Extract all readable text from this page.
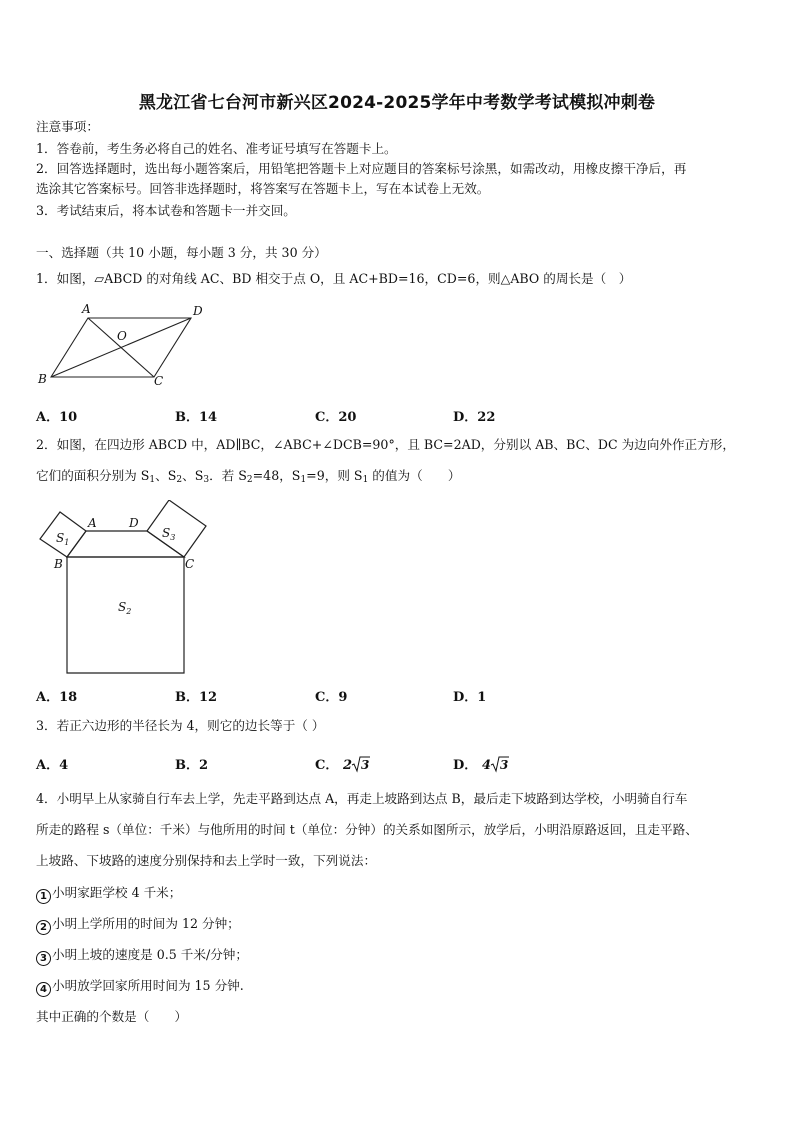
黑龙江省七台河市新兴区2024-2025学年中考数学考试模拟冲刺卷
注意事项：
1．答卷前，考生务必将自己的姓名、准考证号填写在答题卡上。
2．回答选择题时，选出每小题答案后，用铅笔把答题卡上对应题目的答案标号涂黑，如需改动，用橡皮擦干净后，再
选涂其它答案标号。回答非选择题时，将答案写在答题卡上，写在本试卷上无效。
3．考试结束后，将本试卷和答题卡一并交回。
一、选择题（共 10 小题，每小题 3 分，共 30 分）
1．如图，▱ABCD 的对角线 AC、BD 相交于点 O，且 AC+BD=16，CD=6，则△ABO 的周长是（　）
A	D
O
B	C
A．10	B．14	C．20	D．22
2．如图，在四边形 ABCD 中，AD∥BC，∠ABC+∠DCB=90°，且 BC=2AD，分别以 AB、BC、DC 为边向外作正方形，
它们的面积分别为 $S_1$、$S_2$、$S_3$．若 $S_2=48$，$S_1=9$，则 $S_1$ 的值为（　　）
A	D
B	C
$S_1$
$S_3$
$S_2$
A．18	B．12	C．9	D．1
3．若正六边形的半径长为 4，则它的边长等于（ ）
A．4	B．2	C． 2 3	D． 4 3
4．小明早上从家骑自行车去上学，先走平路到达点 A，再走上坡路到达点 B，最后走下坡路到达学校，小明骑自行车
所走的路程 s（单位：千米）与他所用的时间 t（单位：分钟）的关系如图所示，放学后，小明沿原路返回，且走平路、
上坡路、下坡路的速度分别保持和去上学时一致，下列说法：
1 小明家距学校 4 千米；
2 小明上学所用的时间为 12 分钟；
3 小明上坡的速度是 0.5 千米/分钟；
4 小明放学回家所用时间为 15 分钟.
其中正确的个数是（　　）
